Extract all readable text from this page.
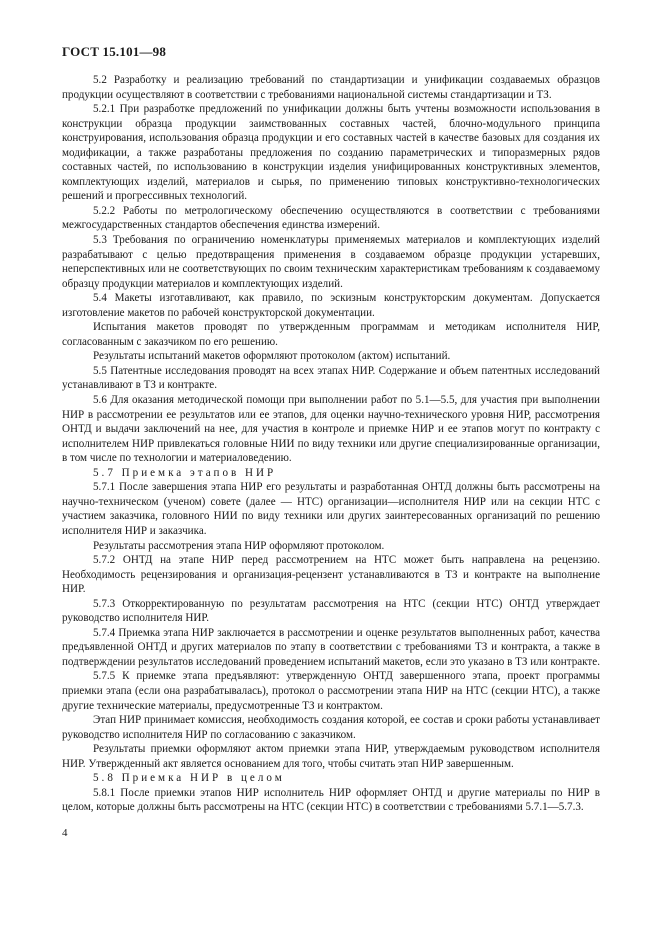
ГОСТ 15.101—98

5.2 Разработку и реализацию требований по стандартизации и унификации создаваемых образцов продукции осуществляют в соответствии с требованиями национальной системы стандартизации и ТЗ.

5.2.1 При разработке предложений по унификации должны быть учтены возможности использования в конструкции образца продукции заимствованных составных частей, блочно-модульного принципа конструирования, использования образца продукции и его составных частей в качестве базовых для создания их модификации, а также разработаны предложения по созданию параметрических и типоразмерных рядов составных частей, по использованию в конструкции изделия унифицированных конструктивных элементов, комплектующих изделий, материалов и сырья, по применению типовых конструктивно-технологических решений и прогрессивных технологий.

5.2.2 Работы по метрологическому обеспечению осуществляются в соответствии с требованиями межгосударственных стандартов обеспечения единства измерений.

5.3 Требования по ограничению номенклатуры применяемых материалов и комплектующих изделий разрабатывают с целью предотвращения применения в создаваемом образце продукции устаревших, неперспективных или не соответствующих по своим техническим характеристикам требованиям к создаваемому образцу продукции материалов и комплектующих изделий.

5.4 Макеты изготавливают, как правило, по эскизным конструкторским документам. Допускается изготовление макетов по рабочей конструкторской документации.

Испытания макетов проводят по утвержденным программам и методикам исполнителя НИР, согласованным с заказчиком по его решению.

Результаты испытаний макетов оформляют протоколом (актом) испытаний.

5.5 Патентные исследования проводят на всех этапах НИР. Содержание и объем патентных исследований устанавливают в ТЗ и контракте.

5.6 Для оказания методической помощи при выполнении работ по 5.1—5.5, для участия при выполнении НИР в рассмотрении ее результатов или ее этапов, для оценки научно-технического уровня НИР, рассмотрения ОНТД и выдачи заключений на нее, для участия в контроле и приемке НИР и ее этапов могут по контракту с исполнителем НИР привлекаться головные НИИ по виду техники или другие специализированные организации, в том числе по технологии и материаловедению.

5.7 Приемка этапов НИР

5.7.1 После завершения этапа НИР его результаты и разработанная ОНТД должны быть рассмотрены на научно-техническом (ученом) совете (далее — НТС) организации—исполнителя НИР или на секции НТС с участием заказчика, головного НИИ по виду техники или других заинтересованных организаций по решению исполнителя НИР и заказчика.

Результаты рассмотрения этапа НИР оформляют протоколом.

5.7.2 ОНТД на этапе НИР перед рассмотрением на НТС может быть направлена на рецензию. Необходимость рецензирования и организация-рецензент устанавливаются в ТЗ и контракте на выполнение НИР.

5.7.3 Откорректированную по результатам рассмотрения на НТС (секции НТС) ОНТД утверждает руководство исполнителя НИР.

5.7.4 Приемка этапа НИР заключается в рассмотрении и оценке результатов выполненных работ, качества предъявленной ОНТД и других материалов по этапу в соответствии с требованиями ТЗ и контракта, а также в подтверждении результатов исследований проведением испытаний макетов, если это указано в ТЗ или контракте.

5.7.5 К приемке этапа предъявляют: утвержденную ОНТД завершенного этапа, проект программы приемки этапа (если она разрабатывалась), протокол о рассмотрении этапа НИР на НТС (секции НТС), а также другие технические материалы, предусмотренные ТЗ и контрактом.

Этап НИР принимает комиссия, необходимость создания которой, ее состав и сроки работы устанавливает руководство исполнителя НИР по согласованию с заказчиком.

Результаты приемки оформляют актом приемки этапа НИР, утверждаемым руководством исполнителя НИР. Утвержденный акт является основанием для того, чтобы считать этап НИР завершенным.

5.8 Приемка НИР в целом

5.8.1 После приемки этапов НИР исполнитель НИР оформляет ОНТД и другие материалы по НИР в целом, которые должны быть рассмотрены на НТС (секции НТС) в соответствии с требованиями 5.7.1—5.7.3.

4
